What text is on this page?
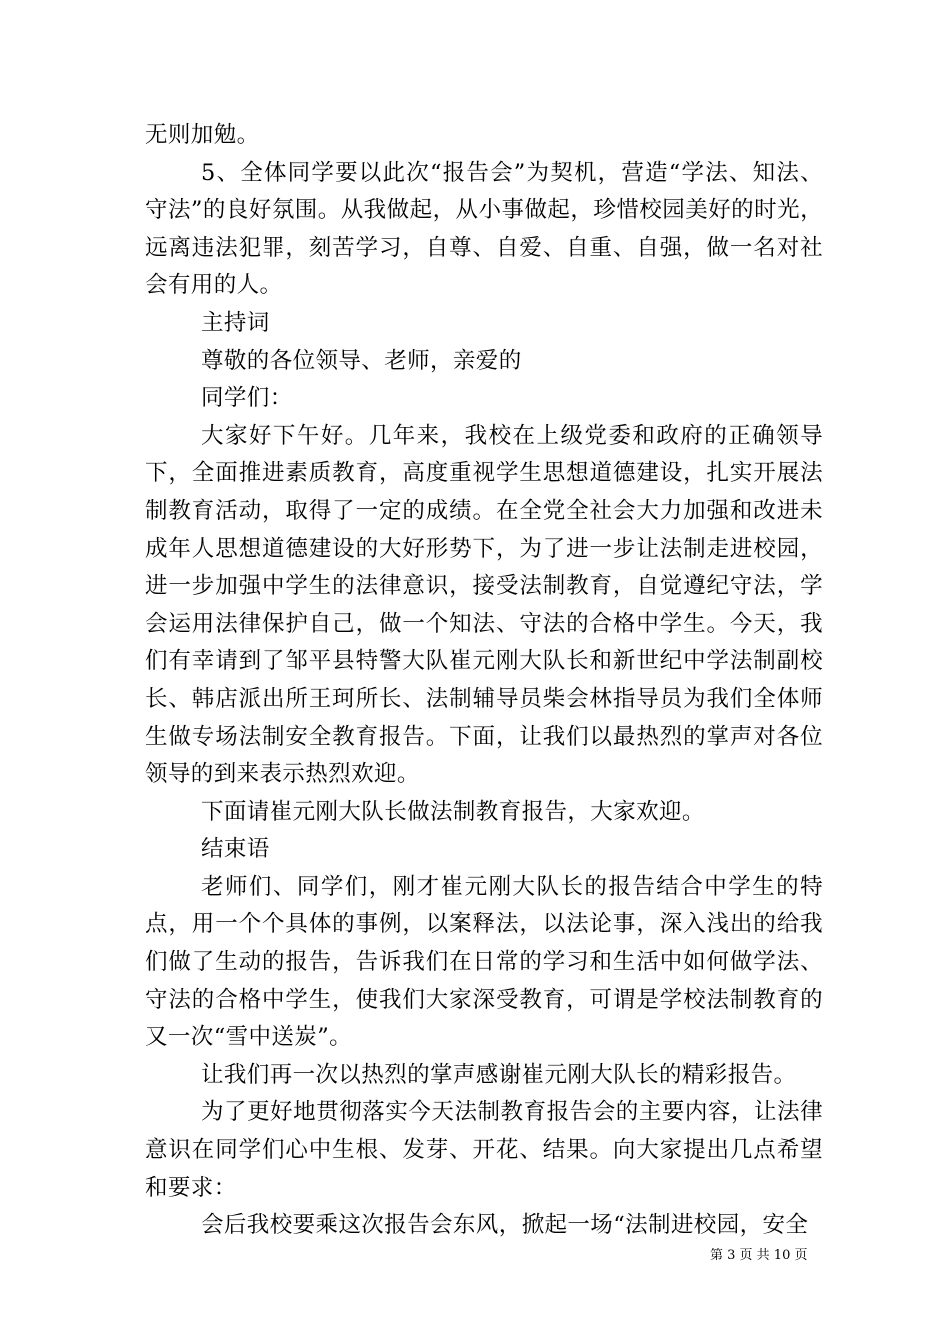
无则加勉。

5、全体同学要以此次“报告会”为契机，营造“学法、知法、守法”的良好氛围。从我做起，从小事做起，珍惜校园美好的时光，远离违法犯罪，刻苦学习，自尊、自爱、自重、自强，做一名对社会有用的人。

主持词

尊敬的各位领导、老师，亲爱的

同学们：

大家好下午好。几年来，我校在上级党委和政府的正确领导下，全面推进素质教育，高度重视学生思想道德建设，扎实开展法制教育活动，取得了一定的成绩。在全党全社会大力加强和改进未成年人思想道德建设的大好形势下，为了进一步让法制走进校园，进一步加强中学生的法律意识，接受法制教育，自觉遵纪守法，学会运用法律保护自己，做一个知法、守法的合格中学生。今天，我们有幸请到了邹平县特警大队崔元刚大队长和新世纪中学法制副校长、韩店派出所王珂所长、法制辅导员柴会林指导员为我们全体师生做专场法制安全教育报告。下面，让我们以最热烈的掌声对各位领导的到来表示热烈欢迎。

下面请崔元刚大队长做法制教育报告，大家欢迎。

结束语

老师们、同学们，刚才崔元刚大队长的报告结合中学生的特点，用一个个具体的事例，以案释法，以法论事，深入浅出的给我们做了生动的报告，告诉我们在日常的学习和生活中如何做学法、守法的合格中学生，使我们大家深受教育，可谓是学校法制教育的又一次“雪中送炭”。

让我们再一次以热烈的掌声感谢崔元刚大队长的精彩报告。

为了更好地贯彻落实今天法制教育报告会的主要内容，让法律意识在同学们心中生根、发芽、开花、结果。向大家提出几点希望和要求：

会后我校要乘这次报告会东风，掀起一场“法制进校园，安全

第 3 页 共 10 页
